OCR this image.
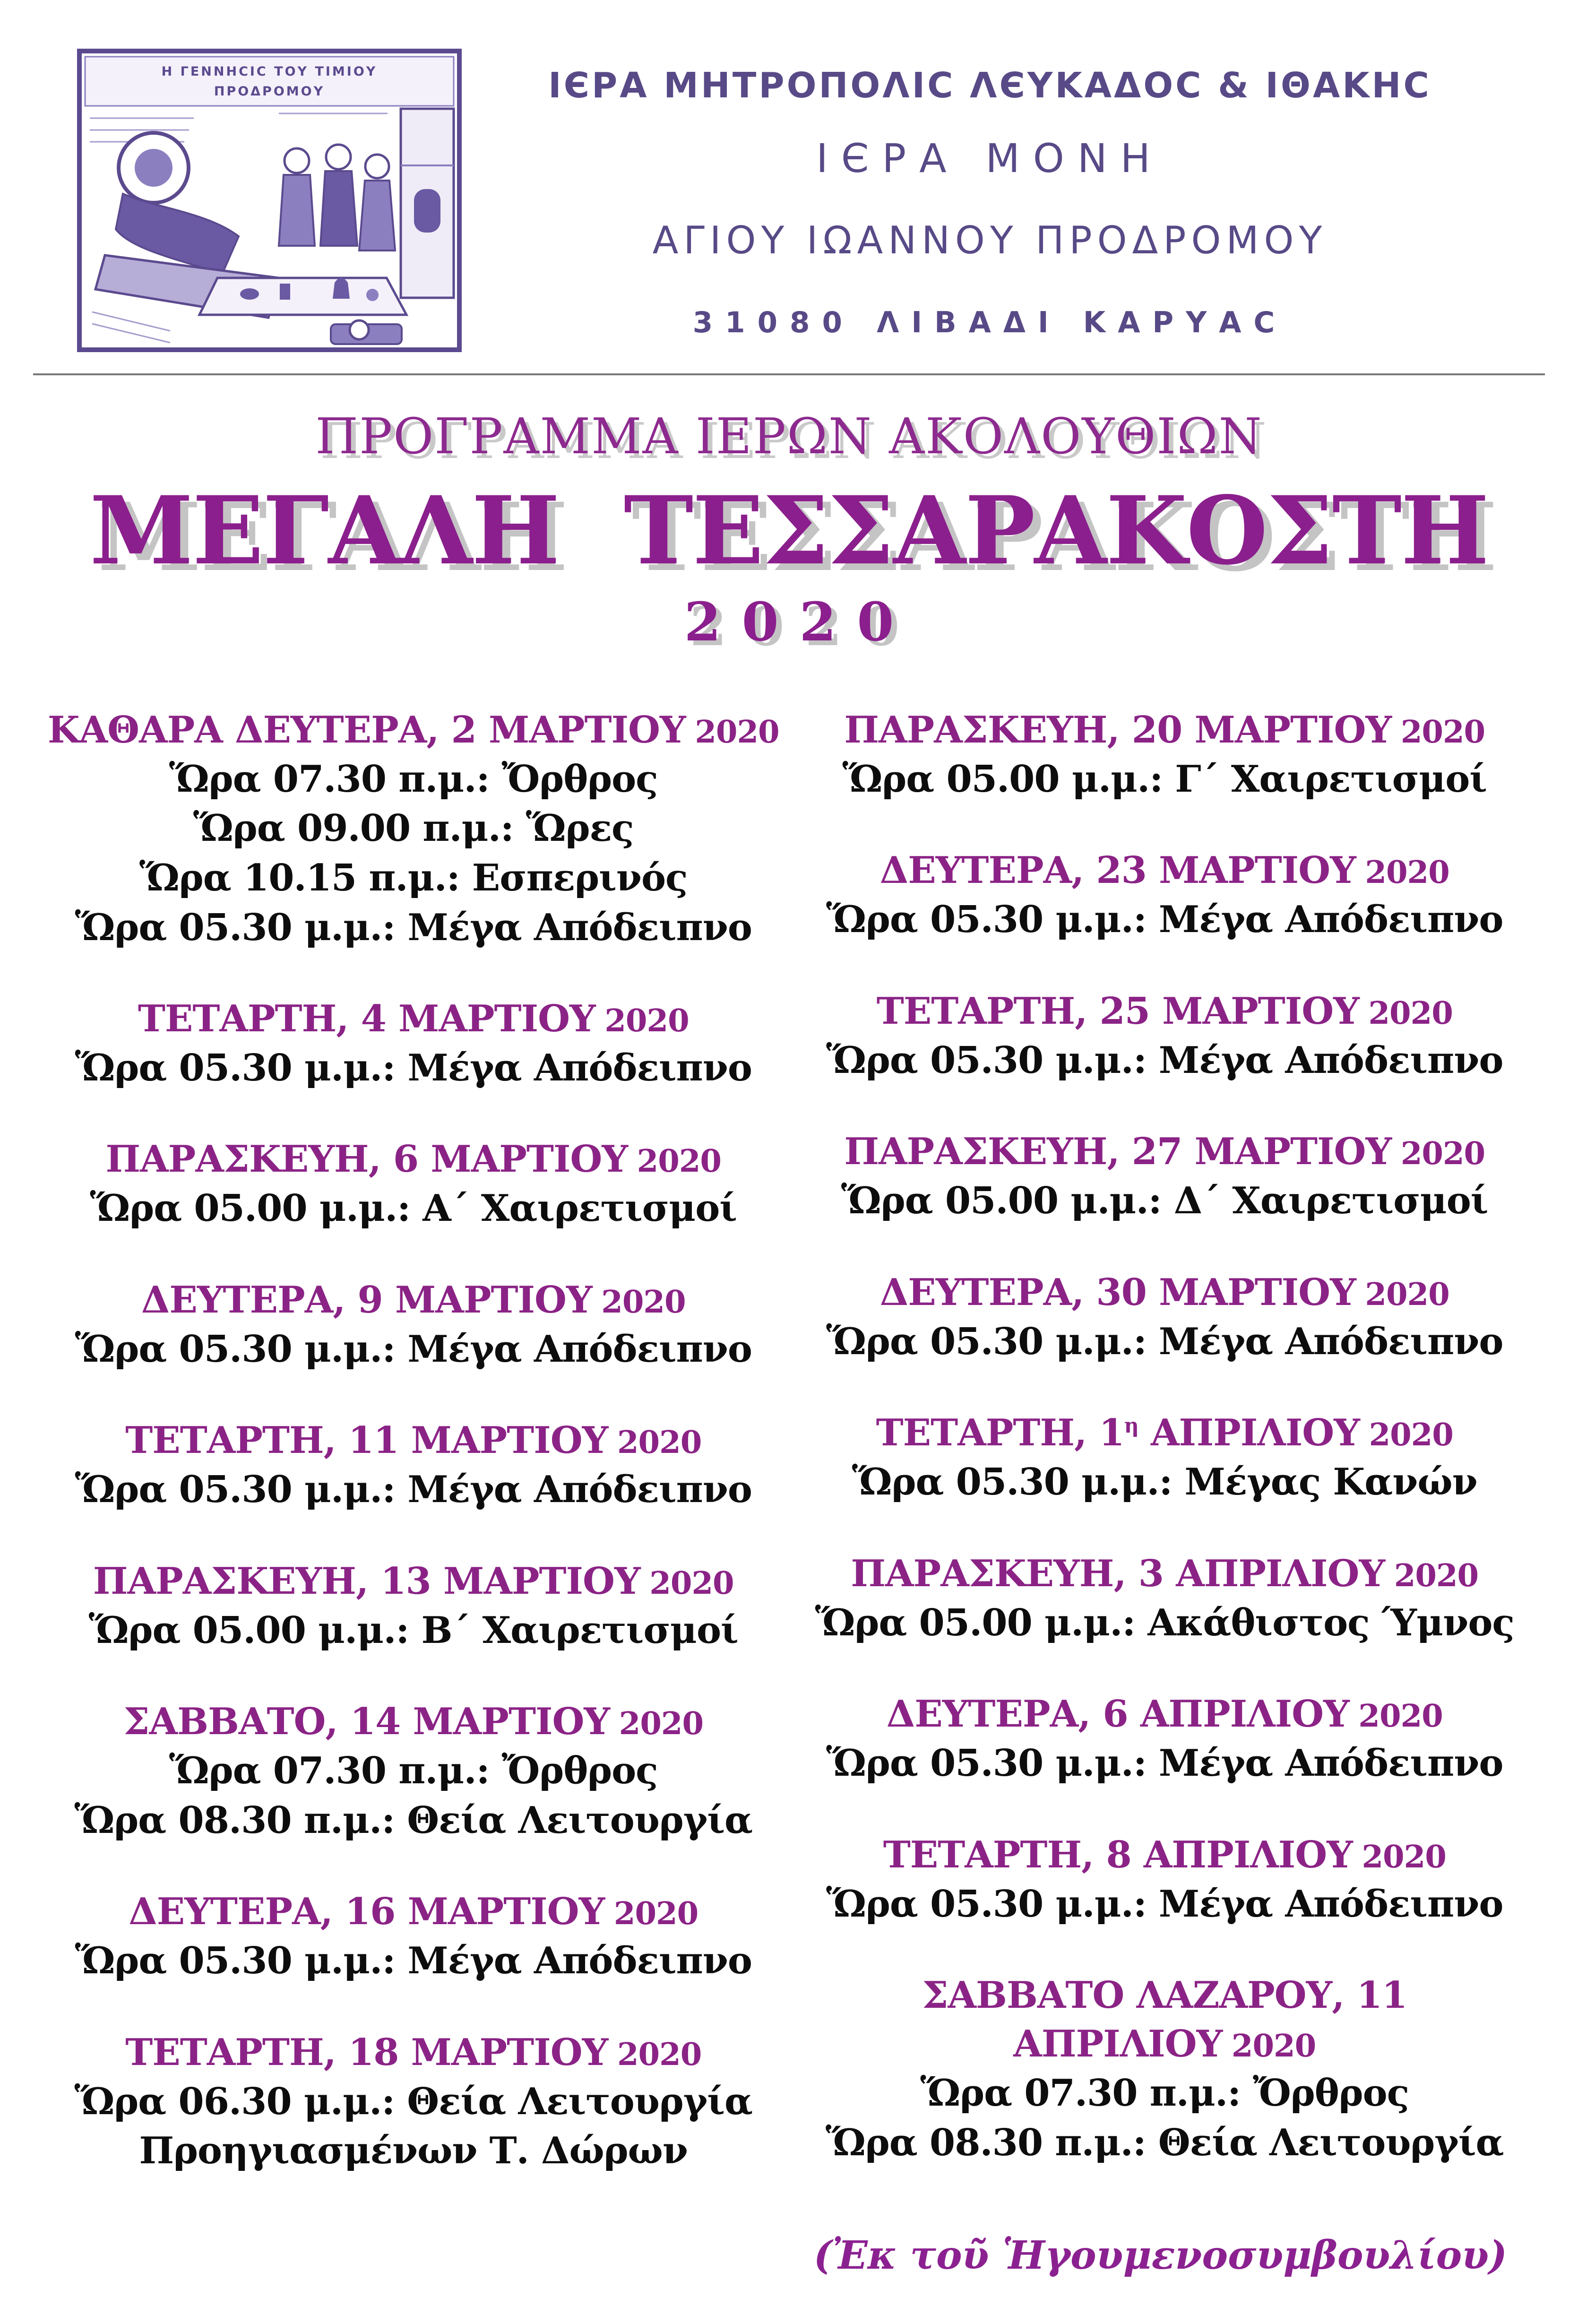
Η ΓΕΝΝΗCΙC ΤΟΥ ΤΙΜΙΟΥ
ΠΡΟΔΡΟΜΟΥ	ΙЄΡΑ ΜΗΤΡΟΠΟΛΙC ΛЄΥΚΑΔΟC & ΙΘΑΚΗC
ΙЄΡΑ ΜΟΝΗ
ΑΓΙΟΥ ΙΩΑΝΝΟΥ ΠΡΟΔΡΟΜΟΥ
31080 ΛΙΒΑΔΙ ΚΑΡΥΑC
ΠΡΟΓΡΑΜΜΑ ΙΕΡΩΝ ΑΚΟΛΟΥΘΙΩΝ
ΜΕΓΑΛΗ ΤΕΣΣΑΡΑΚΟΣΤΗ
2020
ΚΑΘΑΡΑ ΔΕΥΤΕΡΑ, 2 ΜΑΡΤΙΟΥ 2020
Ὥρα 07.30 π.μ.: Ὄρθρος
Ὥρα 09.00 π.μ.: Ὥρες
Ὥρα 10.15 π.μ.: Εσπερινός
Ὥρα 05.30 μ.μ.: Μέγα Απόδειπνο
ΤΕΤΑΡΤΗ, 4 ΜΑΡΤΙΟΥ 2020
Ὥρα 05.30 μ.μ.: Μέγα Απόδειπνο
ΠΑΡΑΣΚΕΥΗ, 6 ΜΑΡΤΙΟΥ 2020
Ὥρα 05.00 μ.μ.: Α΄ Χαιρετισμοί
ΔΕΥΤΕΡΑ, 9 ΜΑΡΤΙΟΥ 2020
Ὥρα 05.30 μ.μ.: Μέγα Απόδειπνο
ΤΕΤΑΡΤΗ, 11 ΜΑΡΤΙΟΥ 2020
Ὥρα 05.30 μ.μ.: Μέγα Απόδειπνο
ΠΑΡΑΣΚΕΥΗ, 13 ΜΑΡΤΙΟΥ 2020
Ὥρα 05.00 μ.μ.: Β΄ Χαιρετισμοί
ΣΑΒΒΑΤΟ, 14 ΜΑΡΤΙΟΥ 2020
Ὥρα 07.30 π.μ.: Ὄρθρος
Ὥρα 08.30 π.μ.: Θεία Λειτουργία
ΔΕΥΤΕΡΑ, 16 ΜΑΡΤΙΟΥ 2020
Ὥρα 05.30 μ.μ.: Μέγα Απόδειπνο
ΤΕΤΑΡΤΗ, 18 ΜΑΡΤΙΟΥ 2020
Ὥρα 06.30 μ.μ.: Θεία Λειτουργία
Προηγιασμένων Τ. Δώρων
ΠΑΡΑΣΚΕΥΗ, 20 ΜΑΡΤΙΟΥ 2020
Ὥρα 05.00 μ.μ.: Γ΄ Χαιρετισμοί
ΔΕΥΤΕΡΑ, 23 ΜΑΡΤΙΟΥ 2020
Ὥρα 05.30 μ.μ.: Μέγα Απόδειπνο
ΤΕΤΑΡΤΗ, 25 ΜΑΡΤΙΟΥ 2020
Ὥρα 05.30 μ.μ.: Μέγα Απόδειπνο
ΠΑΡΑΣΚΕΥΗ, 27 ΜΑΡΤΙΟΥ 2020
Ὥρα 05.00 μ.μ.: Δ΄ Χαιρετισμοί
ΔΕΥΤΕΡΑ, 30 ΜΑΡΤΙΟΥ 2020
Ὥρα 05.30 μ.μ.: Μέγα Απόδειπνο
ΤΕΤΑΡΤΗ, $1^\eta$ ΑΠΡΙΛΙΟΥ 2020
Ὥρα 05.30 μ.μ.: Μέγας Κανών
ΠΑΡΑΣΚΕΥΗ, 3 ΑΠΡΙΛΙΟΥ 2020
Ὥρα 05.00 μ.μ.: Ακάθιστος Ύμνος
ΔΕΥΤΕΡΑ, 6 ΑΠΡΙΛΙΟΥ 2020
Ὥρα 05.30 μ.μ.: Μέγα Απόδειπνο
ΤΕΤΑΡΤΗ, 8 ΑΠΡΙΛΙΟΥ 2020
Ὥρα 05.30 μ.μ.: Μέγα Απόδειπνο
ΣΑΒΒΑΤΟ ΛΑΖΑΡΟΥ, 11 ΑΠΡΙΛΙΟΥ 2020
Ὥρα 07.30 π.μ.: Ὄρθρος
Ὥρα 08.30 π.μ.: Θεία Λειτουργία
(Ἐκ τοῦ Ἡγουμενοσυμβουλίου)
